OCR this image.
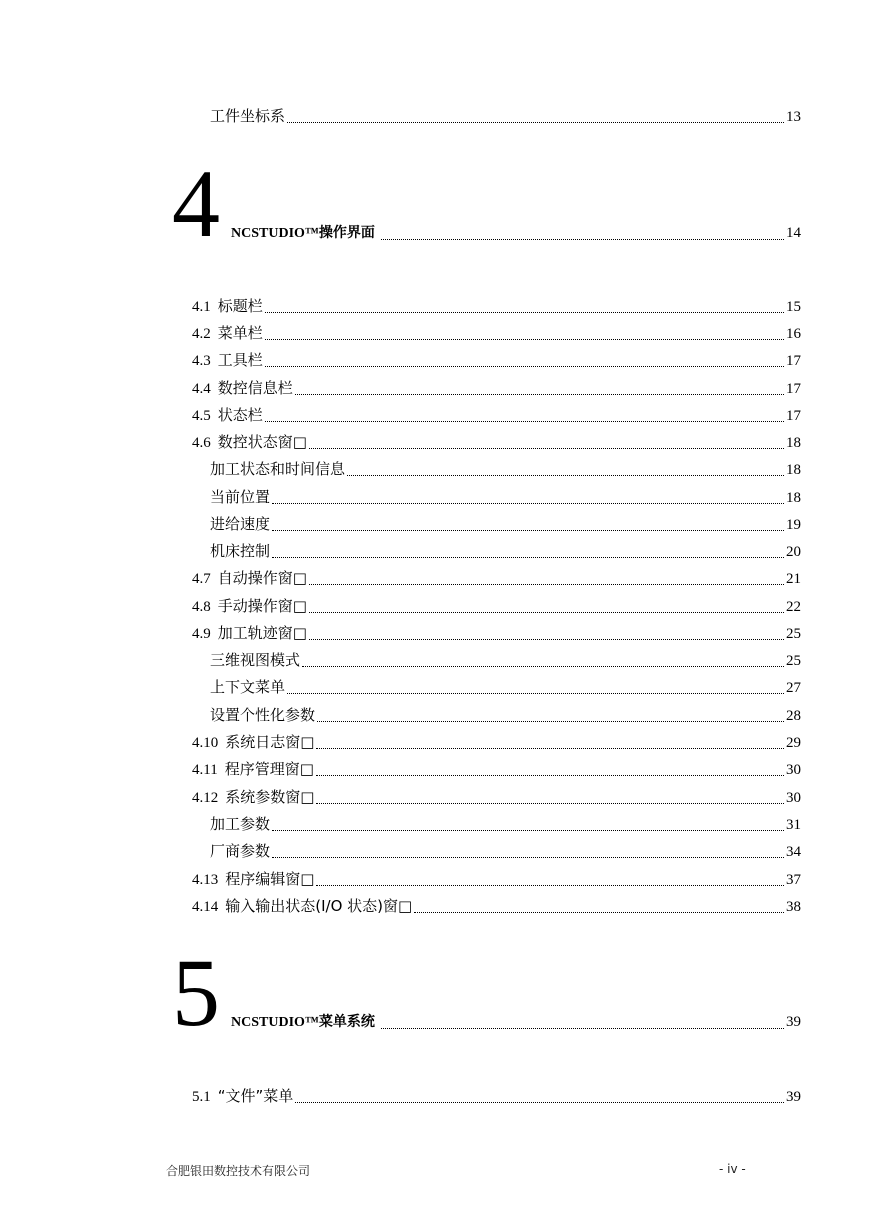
工件坐标系	13
4 NCSTUDIO™操作界面	14
4.1 标题栏	15
4.2 菜单栏	16
4.3 工具栏	17
4.4 数控信息栏	17
4.5 状态栏	17
4.6 数控状态窗□	18
加工状态和时间信息	18
当前位置	18
进给速度	19
机床控制	20
4.7 自动操作窗□	21
4.8 手动操作窗□	22
4.9 加工轨迹窗□	25
三维视图模式	25
上下文菜单	27
设置个性化参数	28
4.10 系统日志窗□	29
4.11 程序管理窗□	30
4.12 系统参数窗□	30
加工参数	31
厂商参数	34
4.13 程序编辑窗□	37
4.14 输入输出状态(I/O 状态)窗□	38
5 NCSTUDIO™菜单系统	39
5.1 “文件”菜单	39
合肥银田数控技术有限公司	- iv -
